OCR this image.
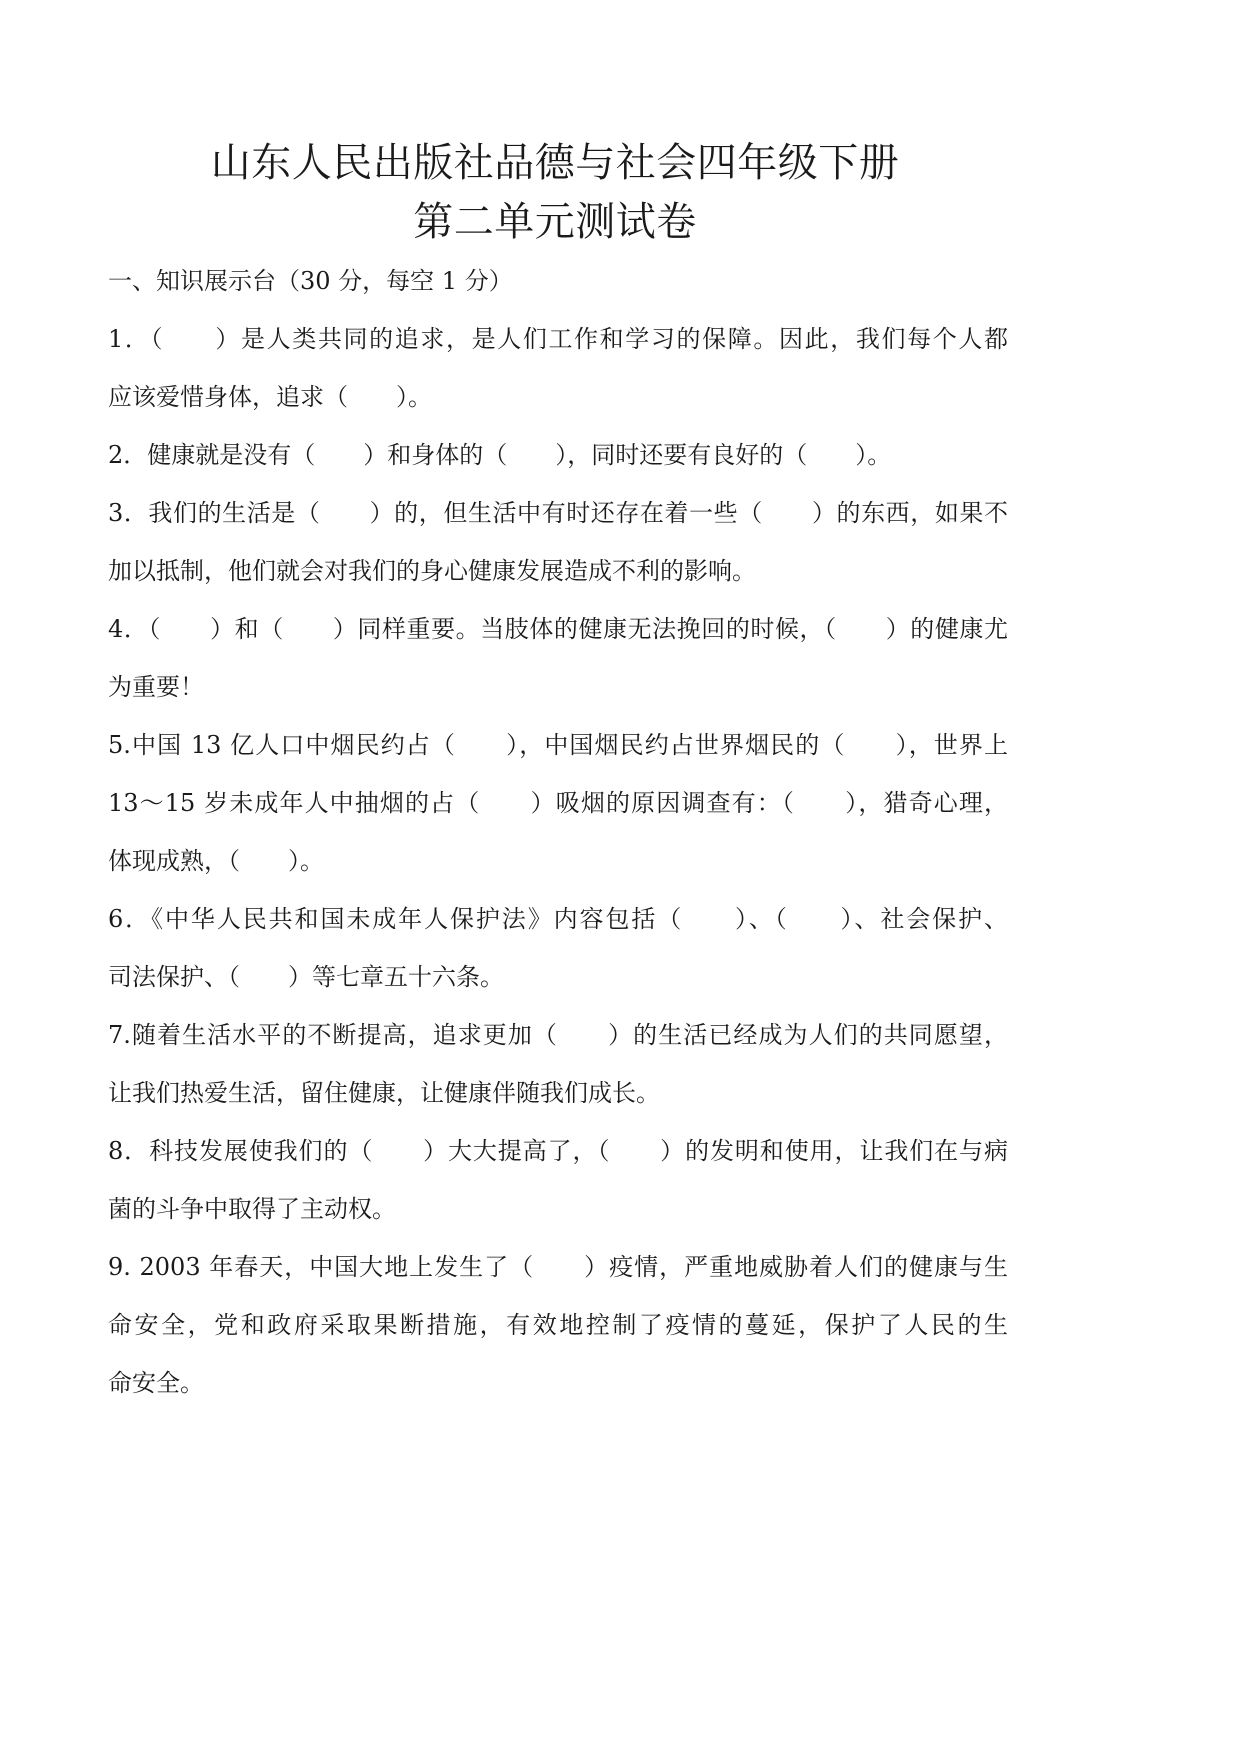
山东人民出版社品德与社会四年级下册
第二单元测试卷
一、知识展示台（30 分，每空 1 分）
1．（　　）是人类共同的追求，是人们工作和学习的保障。因此，我们每个人都
应该爱惜身体，追求（　　）。
2．健康就是没有（　　）和身体的（　　），同时还要有良好的（　　）。
3．我们的生活是（　　）的，但生活中有时还存在着一些（　　）的东西，如果不
加以抵制，他们就会对我们的身心健康发展造成不利的影响。
4．（　　）和（　　）同样重要。当肢体的健康无法挽回的时候，（　　）的健康尤
为重要！
5.中国 13 亿人口中烟民约占（　　），中国烟民约占世界烟民的（　　），世界上
13～15 岁未成年人中抽烟的占（　　）吸烟的原因调查有：（　　），猎奇心理，
体现成熟，（　　）。
6．《中华人民共和国未成年人保护法》内容包括（　　）、（　　）、社会保护、
司法保护、（　　）等七章五十六条。
7.随着生活水平的不断提高，追求更加（　　）的生活已经成为人们的共同愿望，
让我们热爱生活，留住健康，让健康伴随我们成长。
8．科技发展使我们的（　　）大大提高了，（　　）的发明和使用，让我们在与病
菌的斗争中取得了主动权。
9. 2003 年春天，中国大地上发生了（　　）疫情，严重地威胁着人们的健康与生
命安全，党和政府采取果断措施，有效地控制了疫情的蔓延，保护了人民的生
命安全。
